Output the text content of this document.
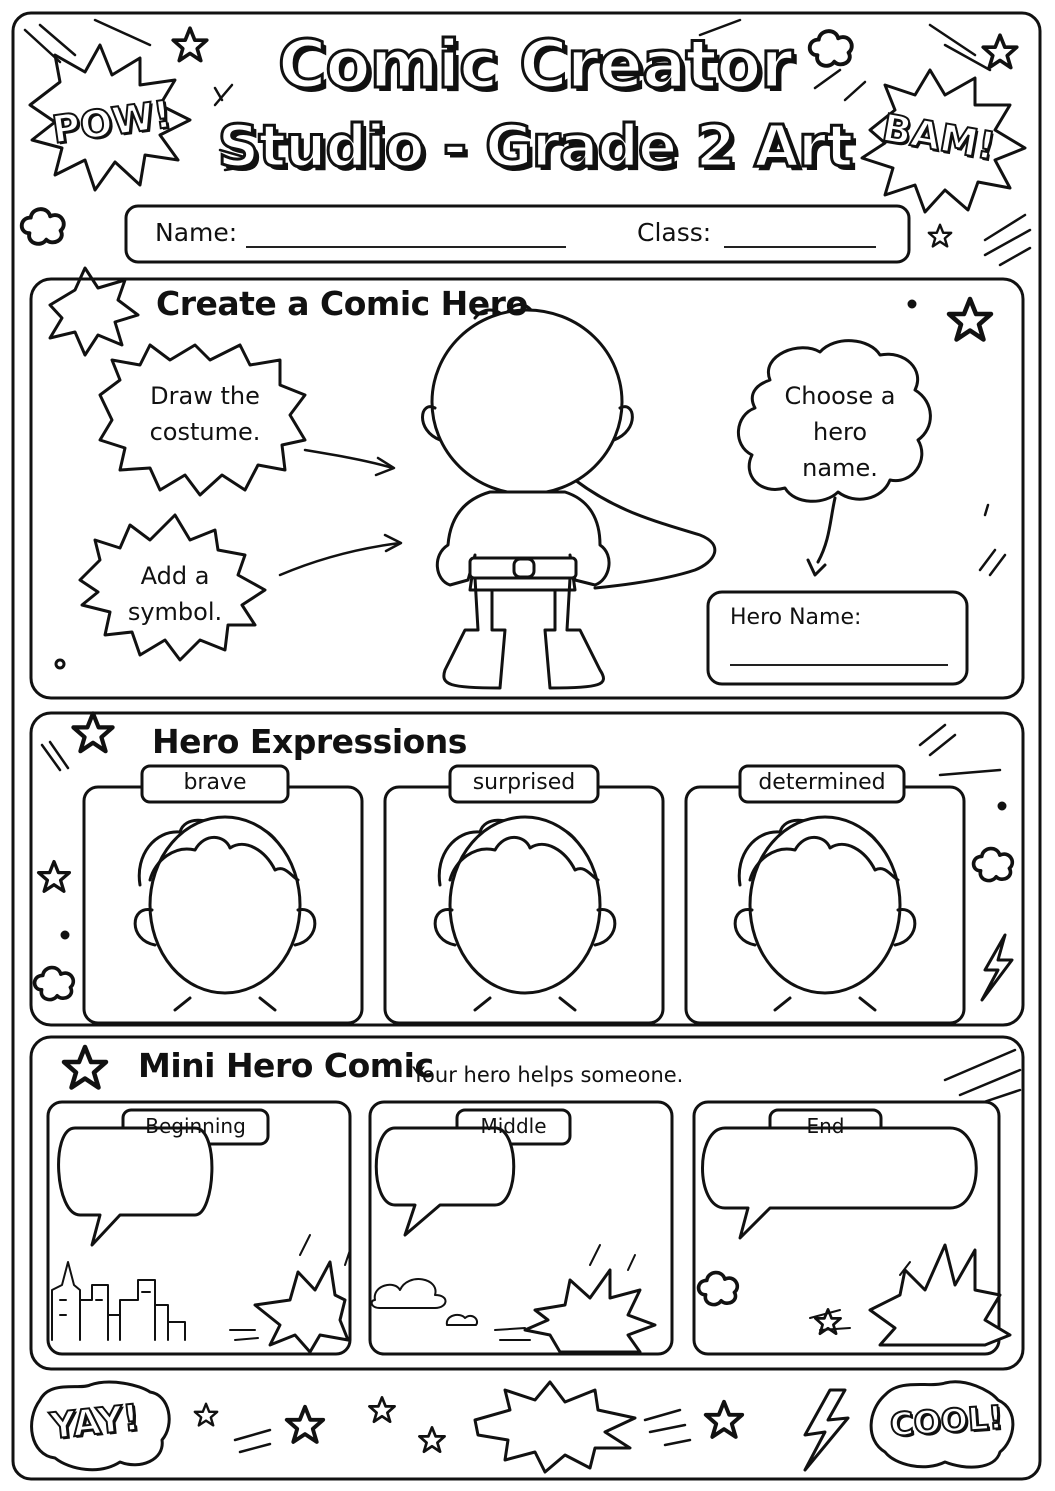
Comic Creator
Studio - Grade 2 Art
POW!	BAM!
Name:	Class:
Create a Comic Hero
Draw the costume.
Add a symbol.
Choose a hero name.
Hero Name:
Hero Expressions
brave	surprised	determined
Mini Hero Comic
Your hero helps someone.
Beginning	Middle	End
YAY!	COOL!
